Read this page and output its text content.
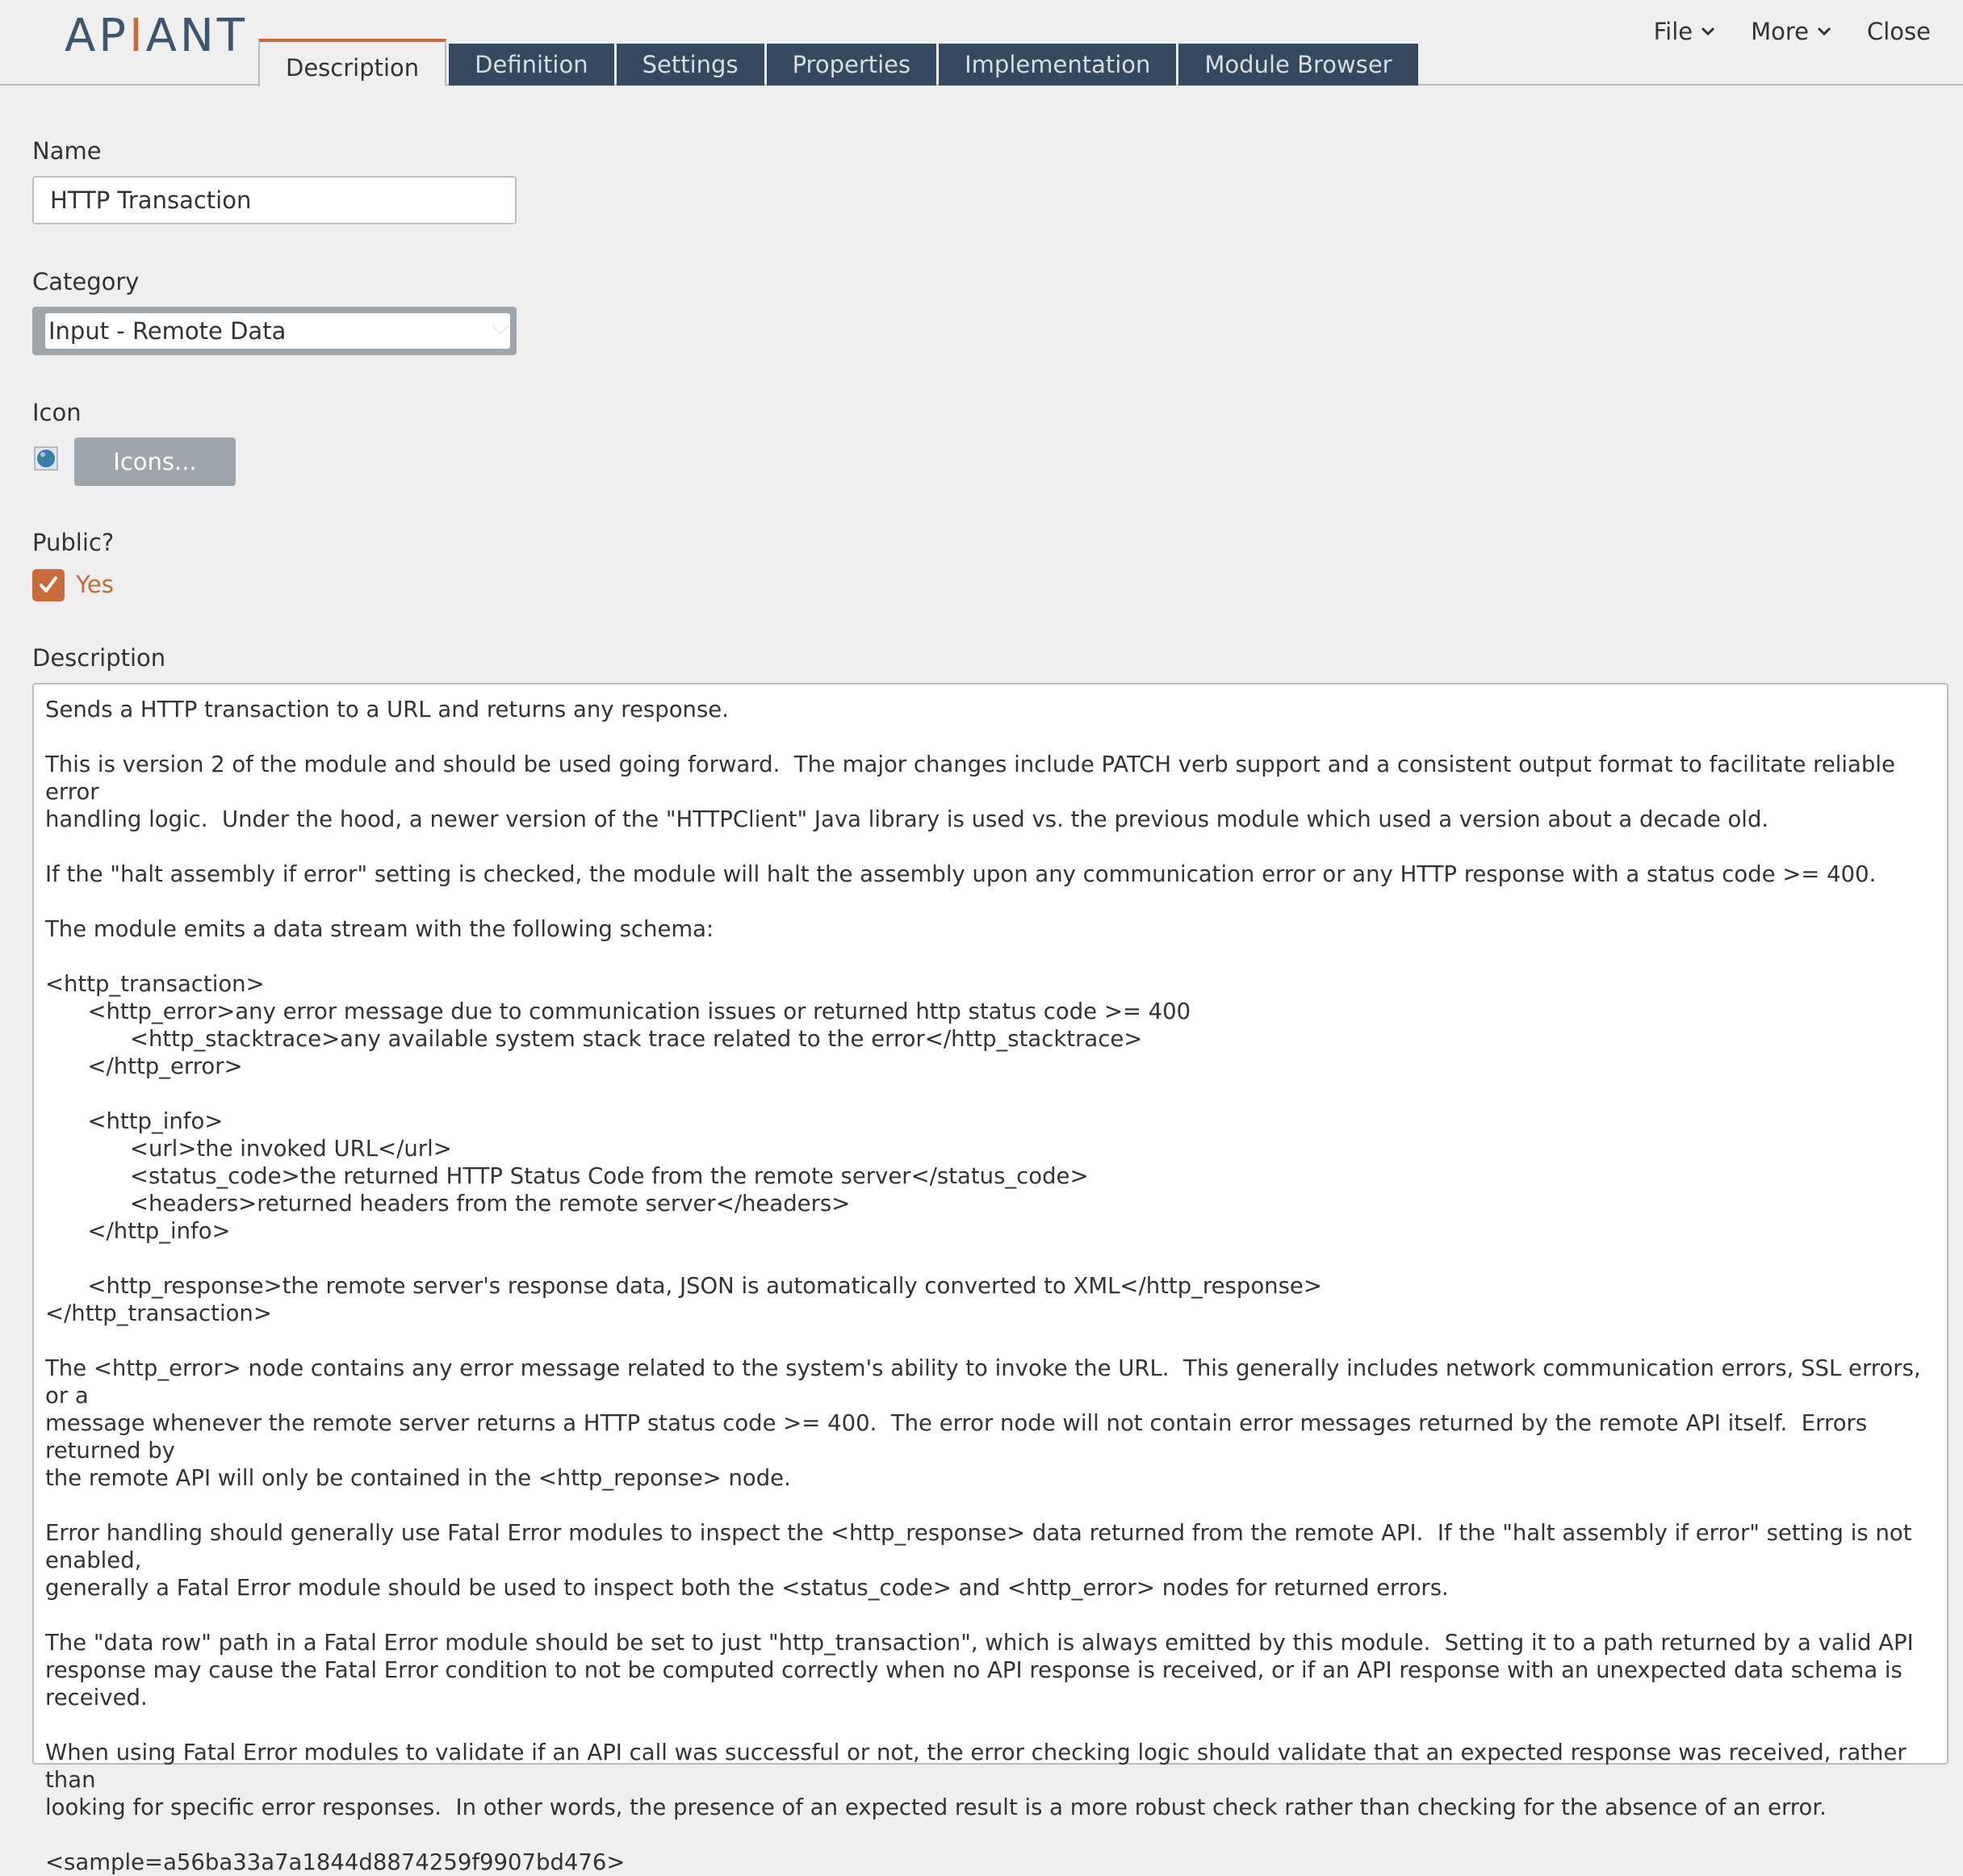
APIANT
Description	Definition	Settings	Properties	Implementation	Module Browser
File More Close
Name
HTTP Transaction
Category
Input - Remote Data
Icon
Icons...
Public?
Yes
Description
Sends a HTTP transaction to a URL and returns any response.

This is version 2 of the module and should be used going forward.  The major changes include PATCH verb support and a consistent output format to facilitate reliable error
handling logic.  Under the hood, a newer version of the "HTTPClient" Java library is used vs. the previous module which used a version about a decade old.

If the "halt assembly if error" setting is checked, the module will halt the assembly upon any communication error or any HTTP response with a status code >= 400.

The module emits a data stream with the following schema:

<http_transaction>
<http_error>any error message due to communication issues or returned http status code >= 400
<http_stacktrace>any available system stack trace related to the error</http_stacktrace>
</http_error>

<http_info>
<url>the invoked URL</url>
<status_code>the returned HTTP Status Code from the remote server</status_code>
<headers>returned headers from the remote server</headers>
</http_info>

<http_response>the remote server's response data, JSON is automatically converted to XML</http_response>
</http_transaction>

The <http_error> node contains any error message related to the system's ability to invoke the URL.  This generally includes network communication errors, SSL errors, or a
message whenever the remote server returns a HTTP status code >= 400.  The error node will not contain error messages returned by the remote API itself.  Errors returned by
the remote API will only be contained in the <http_reponse> node.

Error handling should generally use Fatal Error modules to inspect the <http_response> data returned from the remote API.  If the "halt assembly if error" setting is not enabled,
generally a Fatal Error module should be used to inspect both the <status_code> and <http_error> nodes for returned errors.

The "data row" path in a Fatal Error module should be set to just "http_transaction", which is always emitted by this module.  Setting it to a path returned by a valid API
response may cause the Fatal Error condition to not be computed correctly when no API response is received, or if an API response with an unexpected data schema is received.

When using Fatal Error modules to validate if an API call was successful or not, the error checking logic should validate that an expected response was received, rather than
looking for specific error responses.  In other words, the presence of an expected result is a more robust check rather than checking for the absence of an error.

<sample=a56ba33a7a1844d8874259f9907bd476>
